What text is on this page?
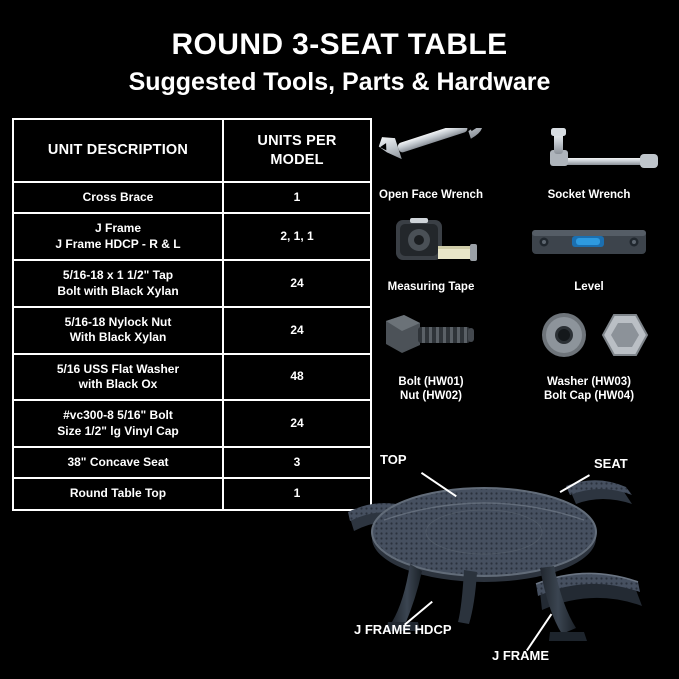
ROUND 3-SEAT TABLE
Suggested Tools, Parts & Hardware
UNIT DESCRIPTION	UNITS PER MODEL
Cross Brace	1
J Frame
J Frame HDCP - R & L	2, 1, 1
5/16-18 x 1 1/2" Tap
Bolt with Black Xylan	24
5/16-18 Nylock Nut
With Black Xylan	24
5/16 USS Flat Washer
with Black Ox	48
#vc300-8 5/16" Bolt
Size 1/2" lg Vinyl Cap	24
38" Concave Seat	3
Round Table Top	1
Open Face Wrench	Socket Wrench
Measuring Tape	Level
Bolt (HW01)
Nut (HW02)
Washer (HW03)
Bolt Cap (HW04)
TOP	SEAT
J FRAME HDCP
J FRAME
